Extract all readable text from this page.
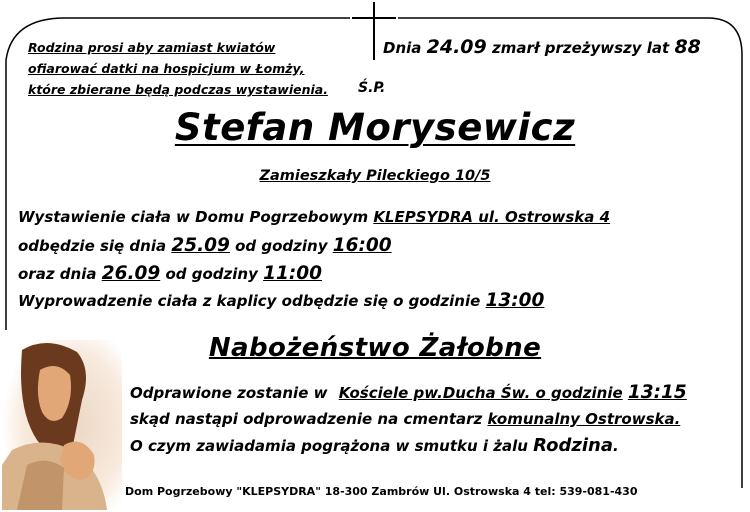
Rodzina prosi aby zamiast kwiatów
ofiarować datki na hospicjum w Łomży,
które zbierane będą podczas wystawienia.
Dnia 24.09 zmarł przeżywszy lat 88
Ś.P.
Stefan Morysewicz
Zamieszkały Pileckiego 10/5
Wystawienie ciała w Domu Pogrzebowym KLEPSYDRA ul. Ostrowska 4
odbędzie się dnia 25.09 od godziny 16:00
oraz dnia 26.09 od godziny 11:00
Wyprowadzenie ciała z kaplicy odbędzie się o godzinie 13:00
Nabożeństwo Żałobne
Odprawione zostanie w Kościele pw.Ducha Św. o godzinie 13:15
skąd nastąpi odprowadzenie na cmentarz komunalny Ostrowska.
O czym zawiadamia pogrążona w smutku i żalu Rodzina.
Dom Pogrzebowy "KLEPSYDRA" 18-300 Zambrów Ul. Ostrowska 4 tel: 539-081-430
